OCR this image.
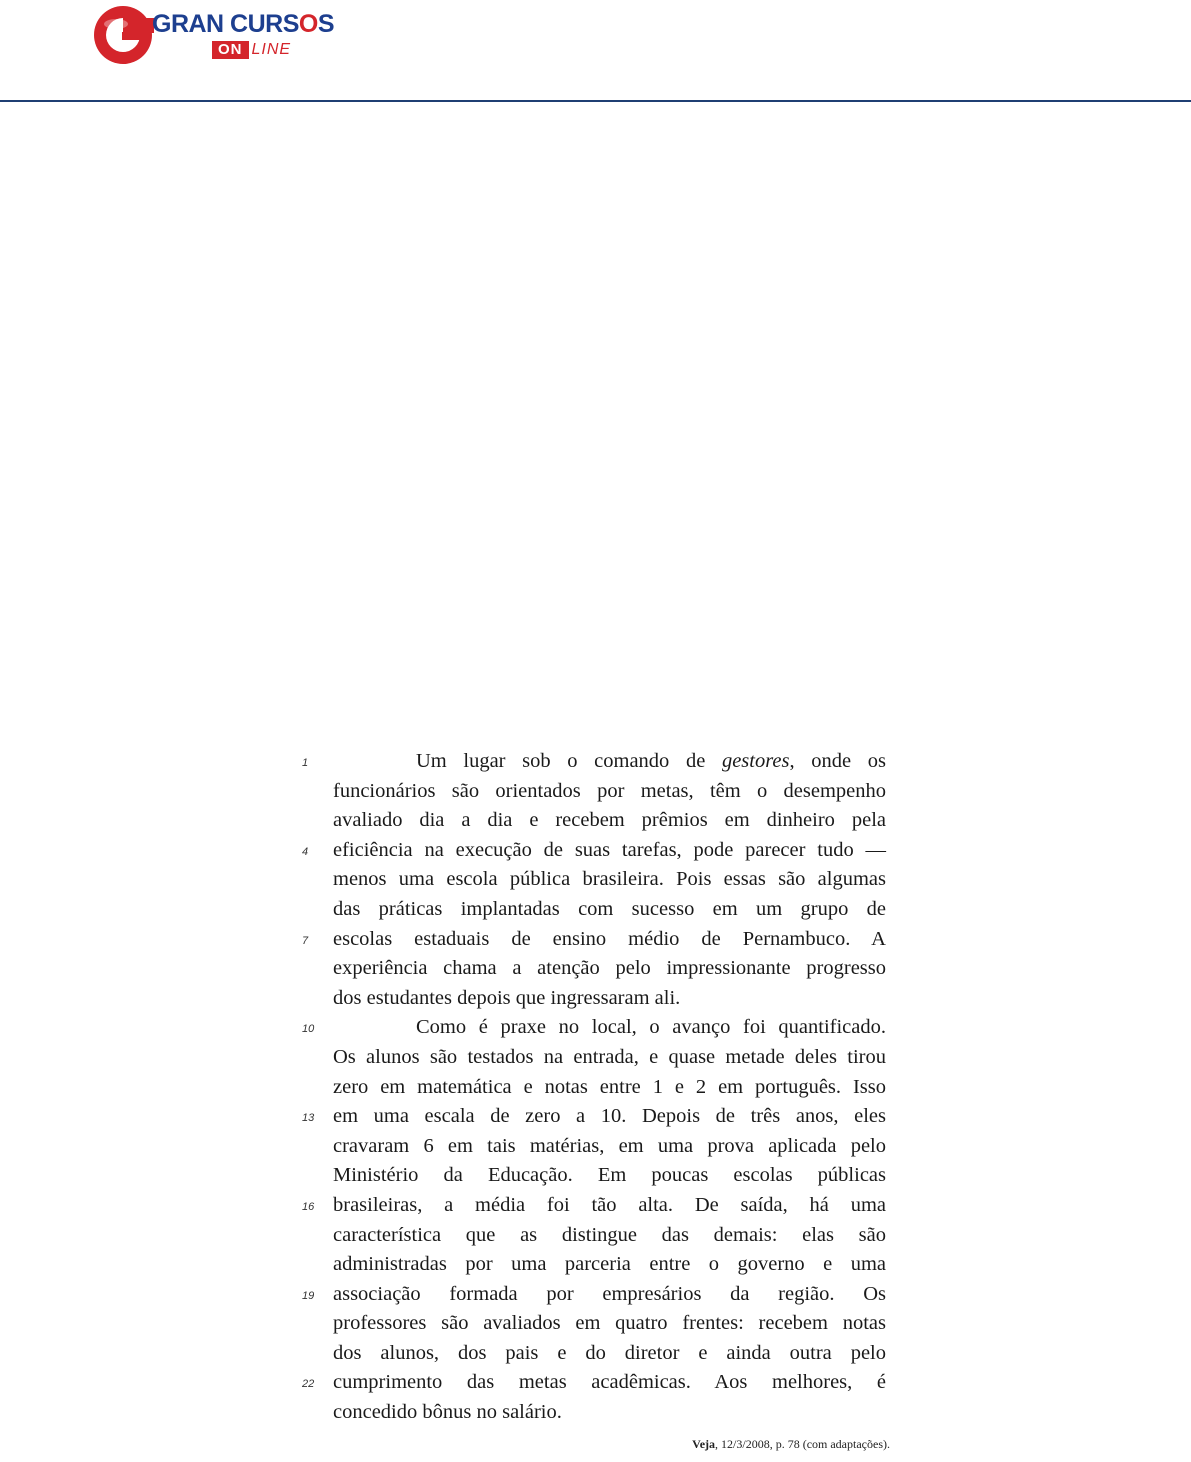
GRAN CURSOS
ON LINE
1	Um lugar sob o comando de gestores, onde os
funcionários são orientados por metas, têm o desempenho
avaliado dia a dia e recebem prêmios em dinheiro pela
4 eficiência na execução de suas tarefas, pode parecer tudo —
menos uma escola pública brasileira. Pois essas são algumas
das práticas implantadas com sucesso em um grupo de
7 escolas estaduais de ensino médio de Pernambuco. A
experiência chama a atenção pelo impressionante progresso
dos estudantes depois que ingressaram ali.
10	Como é praxe no local, o avanço foi quantificado.
Os alunos são testados na entrada, e quase metade deles tirou
zero em matemática e notas entre 1 e 2 em português. Isso
13 em uma escala de zero a 10. Depois de três anos, eles
cravaram 6 em tais matérias, em uma prova aplicada pelo
Ministério da Educação. Em poucas escolas públicas
16 brasileiras, a média foi tão alta. De saída, há uma
característica que as distingue das demais: elas são
administradas por uma parceria entre o governo e uma
19 associação formada por empresários da região. Os
professores são avaliados em quatro frentes: recebem notas
dos alunos, dos pais e do diretor e ainda outra pelo
22 cumprimento das metas acadêmicas. Aos melhores, é
concedido bônus no salário.
Veja, 12/3/2008, p. 78 (com adaptações).
